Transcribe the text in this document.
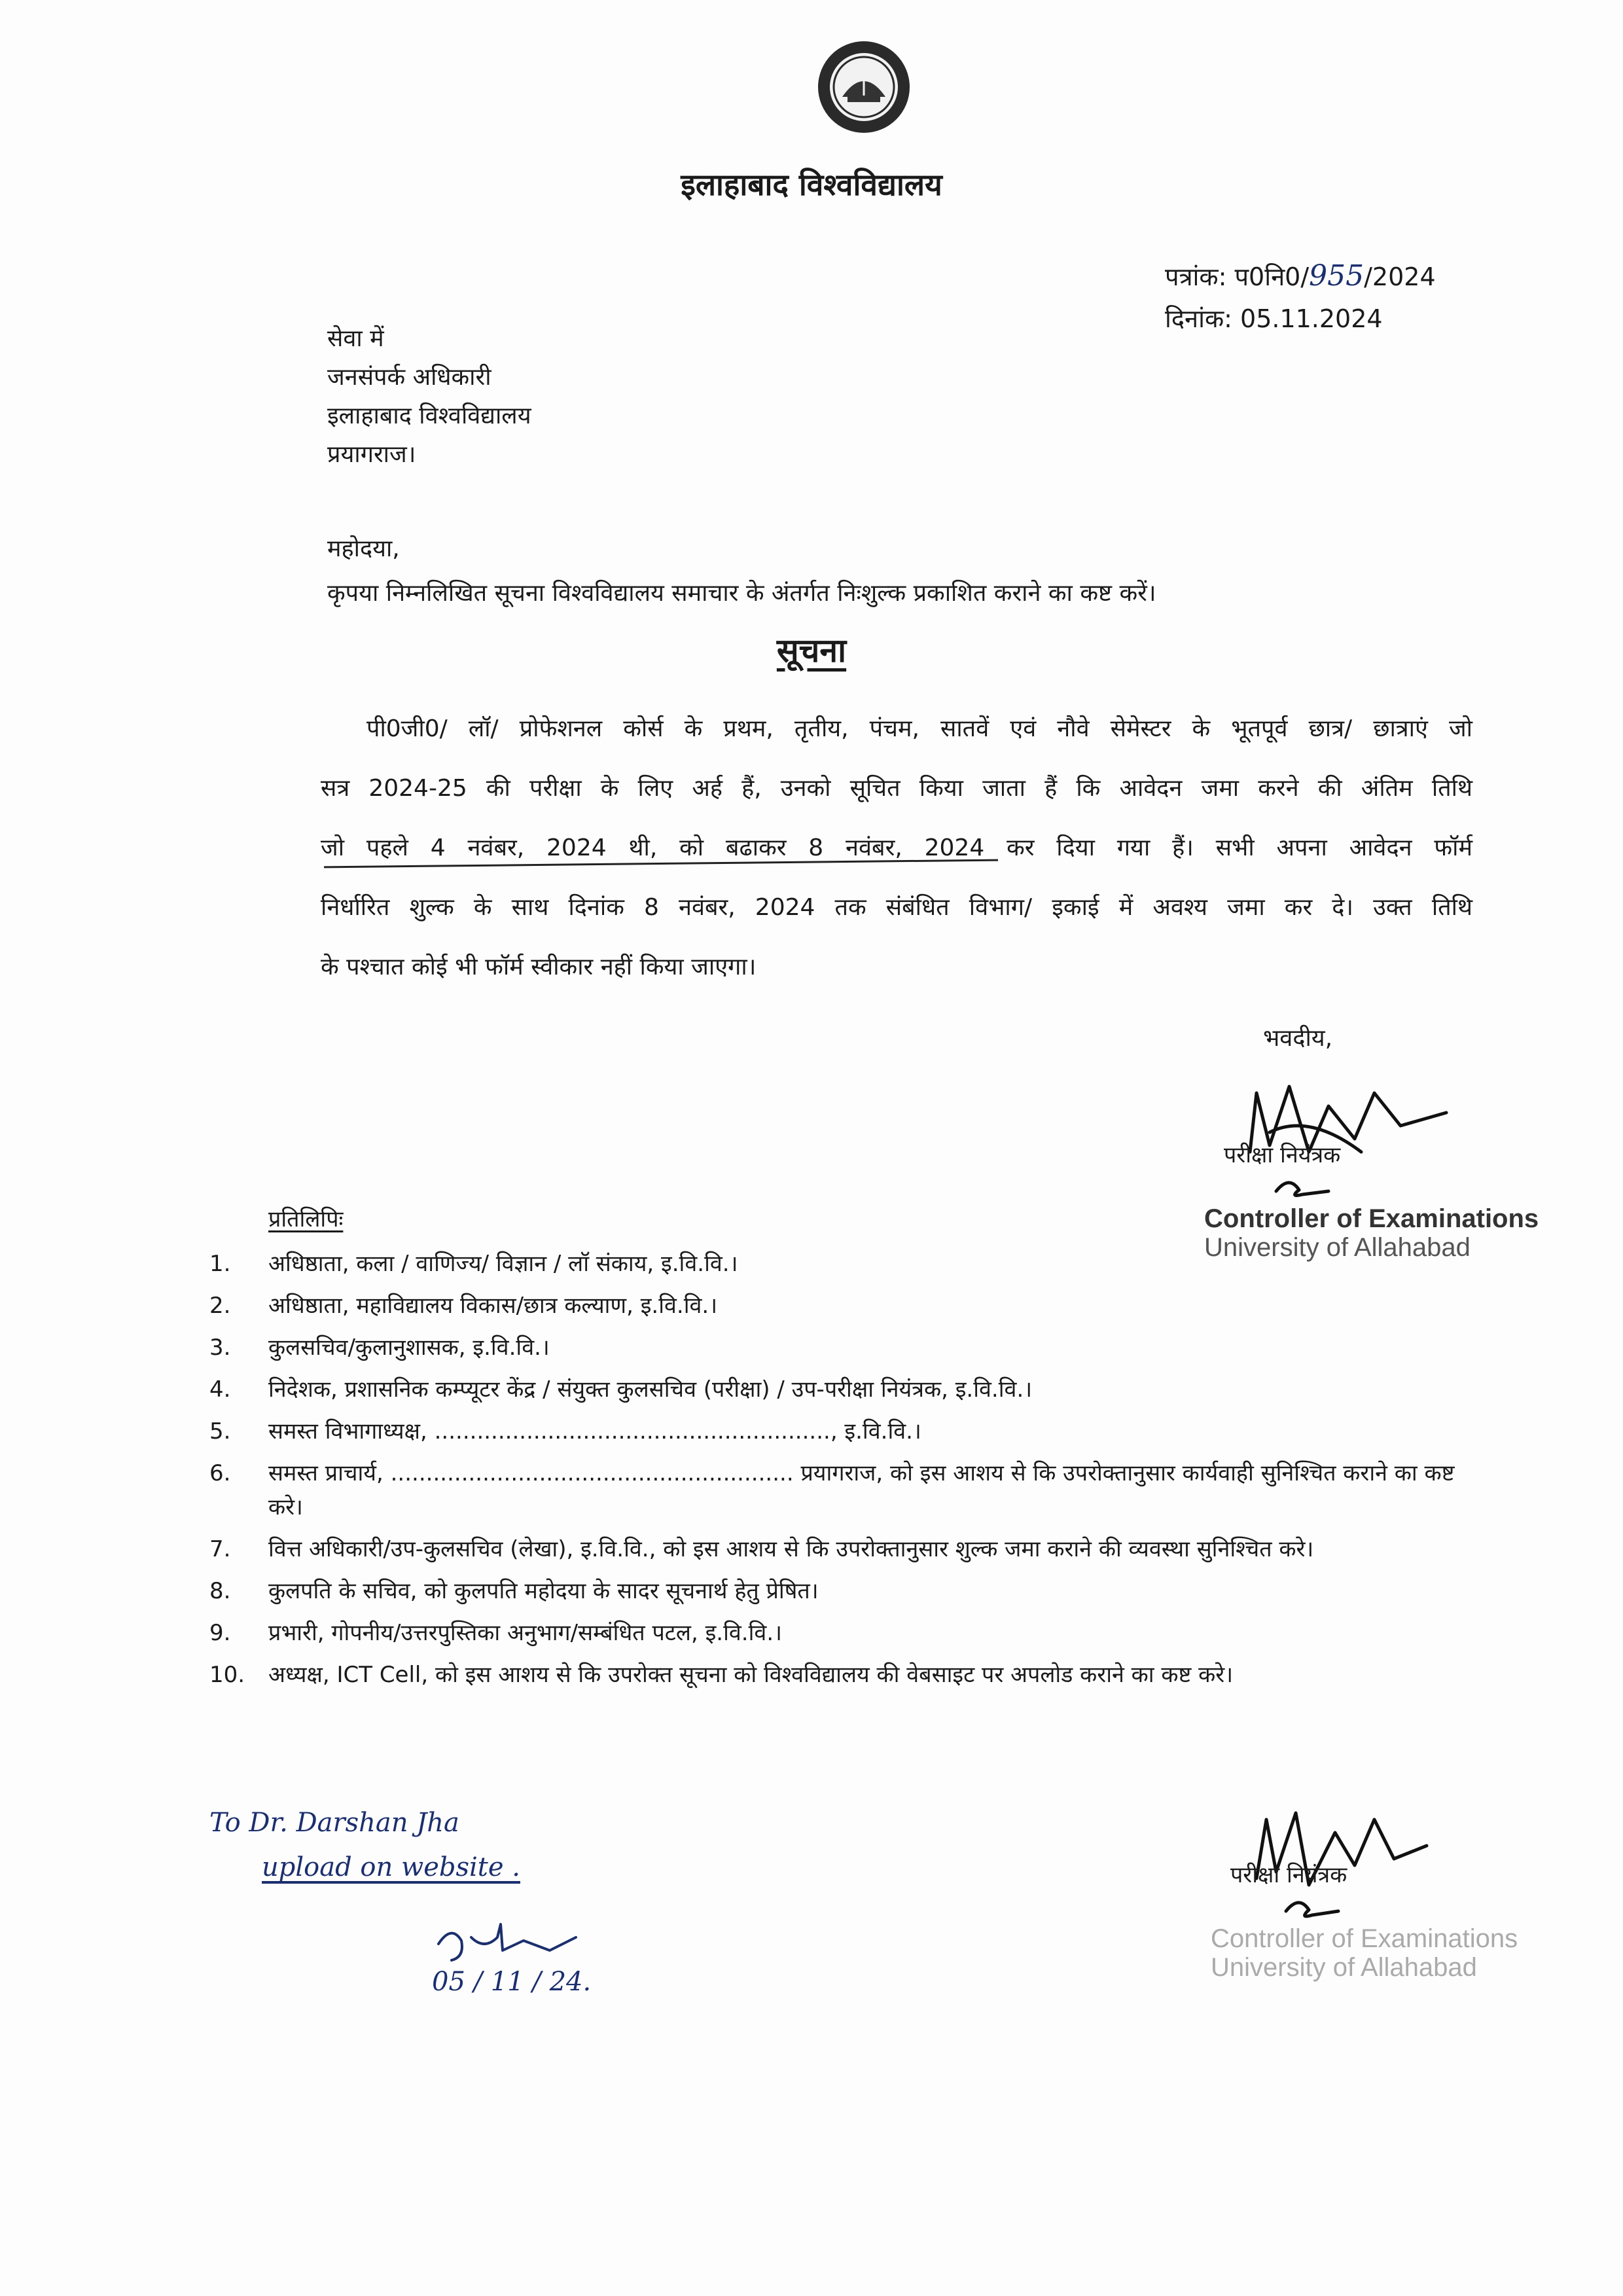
इलाहाबाद विश्वविद्यालय
पत्रांक: प0नि0/955/2024
दिनांक: 05.11.2024
सेवा में
जनसंपर्क अधिकारी
इलाहाबाद विश्वविद्यालय
प्रयागराज।
महोदया,
कृपया निम्नलिखित सूचना विश्वविद्यालय समाचार के अंतर्गत निःशुल्क प्रकाशित कराने का कष्ट करें।
सूचना

पी0जी0/ लॉ/ प्रोफेशनल कोर्स के प्रथम, तृतीय, पंचम, सातवें एवं नौवे सेमेस्टर के भूतपूर्व छात्र/ छात्राएं जो

सत्र 2024-25 की परीक्षा के लिए अर्ह हैं, उनको सूचित किया जाता हैं कि आवेदन जमा करने की अंतिम तिथि

जो पहले 4 नवंबर, 2024 थी, को बढाकर 8 नवंबर, 2024 कर दिया गया हैं। सभी अपना आवेदन फॉर्म

निर्धारित शुल्क के साथ दिनांक 8 नवंबर, 2024 तक संबंधित विभाग/ इकाई में अवश्य जमा कर दे। उक्त तिथि

के पश्चात कोई भी फॉर्म स्वीकार नहीं किया जाएगा।

भवदीय,
परीक्षा नियंत्रक
Controller of Examinations
University of Allahabad
प्रतिलिपिः
1.	अधिष्ठाता, कला / वाणिज्य/ विज्ञान / लॉ संकाय, इ.वि.वि.।
2.	अधिष्ठाता, महाविद्यालय विकास/छात्र कल्याण, इ.वि.वि.।
3.	कुलसचिव/कुलानुशासक, इ.वि.वि.।
4.	निदेशक, प्रशासनिक कम्प्यूटर केंद्र / संयुक्त कुलसचिव (परीक्षा) / उप-परीक्षा नियंत्रक, इ.वि.वि.।
5.	समस्त विभागाध्यक्ष, ........................................................, इ.वि.वि.।
6.	समस्त प्राचार्य, ......................................................... प्रयागराज, को इस आशय से कि उपरोक्तानुसार कार्यवाही सुनिश्चित कराने का कष्ट करे।
7.	वित्त अधिकारी/उप-कुलसचिव (लेखा), इ.वि.वि., को इस आशय से कि उपरोक्तानुसार शुल्क जमा कराने की व्यवस्था सुनिश्चित करे।
8.	कुलपति के सचिव, को कुलपति महोदया के सादर सूचनार्थ हेतु प्रेषित।
9.	प्रभारी, गोपनीय/उत्तरपुस्तिका अनुभाग/सम्बंधित पटल, इ.वि.वि.।
10.	अध्यक्ष, ICT Cell, को इस आशय से कि उपरोक्त सूचना को विश्वविद्यालय की वेबसाइट पर अपलोड कराने का कष्ट करे।
To Dr. Darshan Jha
upload on website .
05 / 11 / 24.
परीक्षा नियंत्रक
Controller of Examinations
University of Allahabad
